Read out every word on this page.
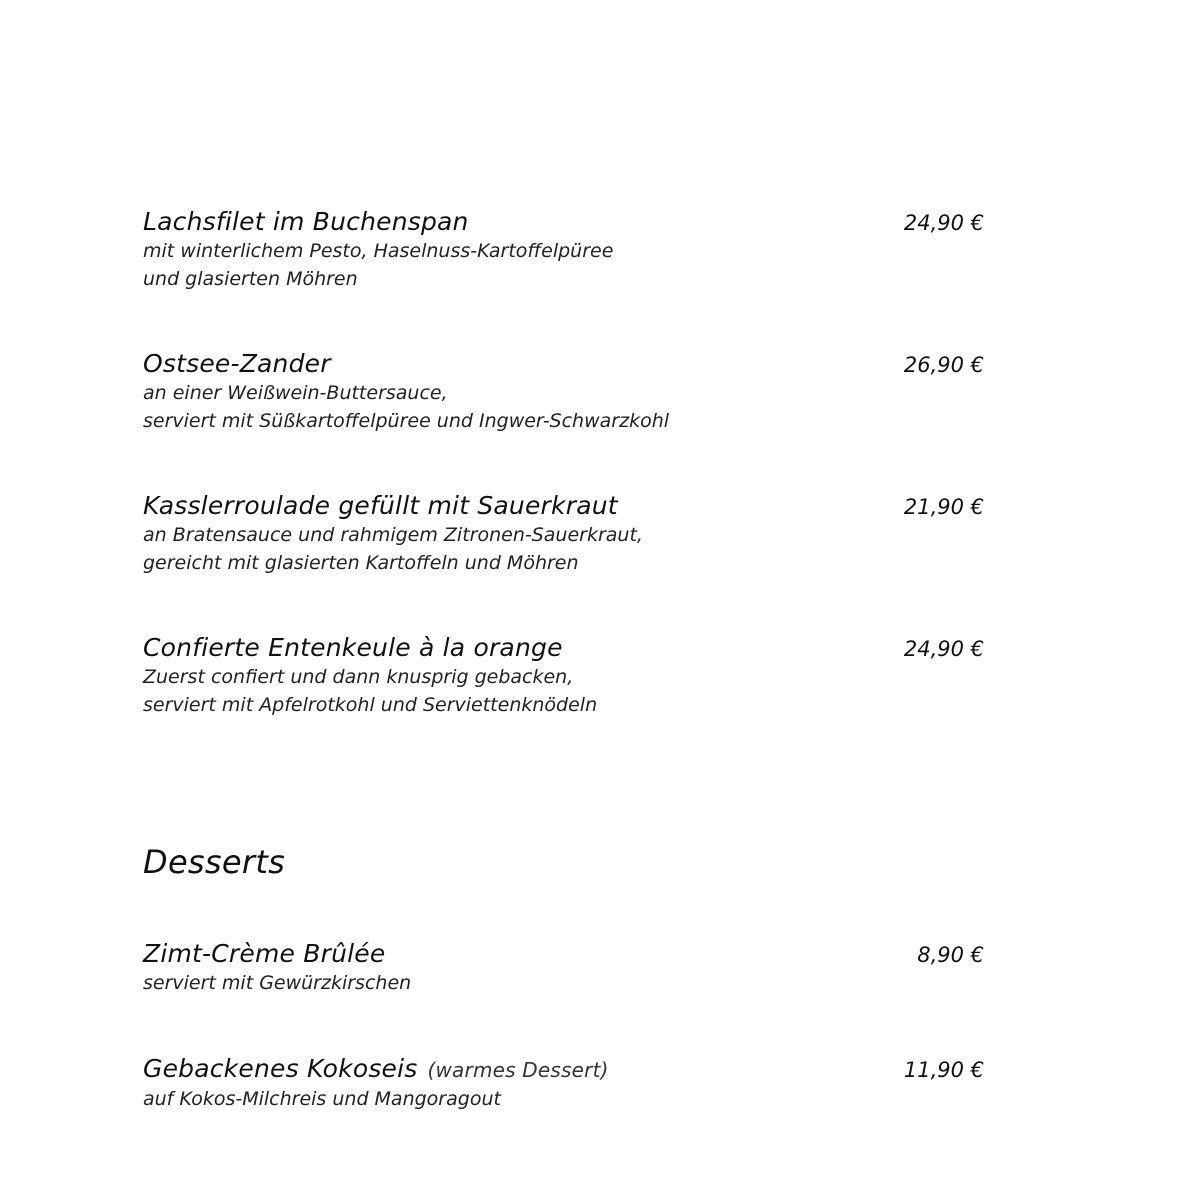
Lachsfilet im Buchenspan
mit winterlichem Pesto, Haselnuss-Kartoffelpüree
und glasierten Möhren
24,90 €
Ostsee-Zander
an einer Weißwein-Buttersauce,
serviert mit Süßkartoffelpüree und Ingwer-Schwarzkohl
26,90 €
Kasslerroulade gefüllt mit Sauerkraut
an Bratensauce und rahmigem Zitronen-Sauerkraut,
gereicht mit glasierten Kartoffeln und Möhren
21,90 €
Confierte Entenkeule à la orange
Zuerst confiert und dann knusprig gebacken,
serviert mit Apfelrotkohl und Serviettenknödeln
24,90 €
Desserts
Zimt-Crème Brûlée
serviert mit Gewürzkirschen
8,90 €
Gebackenes Kokoseis (warmes Dessert)
auf Kokos-Milchreis und Mangoragout
11,90 €
